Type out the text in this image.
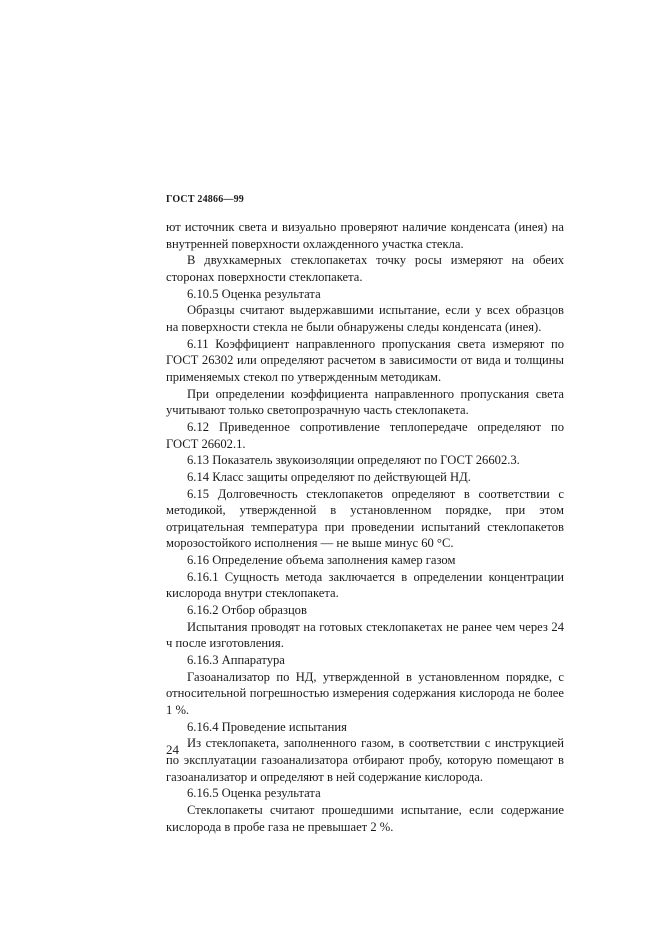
ГОСТ 24866—99

ют источник света и визуально проверяют наличие конденсата (инея) на внутренней поверхности охлажденного участка стекла.

В двухкамерных стеклопакетах точку росы измеряют на обеих сторонах поверхности стеклопакета.

6.10.5 Оценка результата

Образцы считают выдержавшими испытание, если у всех образцов на поверхности стекла не были обнаружены следы конденсата (инея).

6.11 Коэффициент направленного пропускания света измеряют по ГОСТ 26302 или определяют расчетом в зависимости от вида и толщины применяемых стекол по утвержденным методикам.

При определении коэффициента направленного пропускания света учитывают только светопрозрачную часть стеклопакета.

6.12 Приведенное сопротивление теплопередаче определяют по ГОСТ 26602.1.

6.13 Показатель звукоизоляции определяют по ГОСТ 26602.3.

6.14 Класс защиты определяют по действующей НД.

6.15 Долговечность стеклопакетов определяют в соответствии с методикой, утвержденной в установленном порядке, при этом отрицательная температура при проведении испытаний стеклопакетов морозостойкого исполнения — не выше минус 60 °С.

6.16 Определение объема заполнения камер газом

6.16.1 Сущность метода заключается в определении концентрации кислорода внутри стеклопакета.

6.16.2 Отбор образцов

Испытания проводят на готовых стеклопакетах не ранее чем через 24 ч после изготовления.

6.16.3 Аппаратура

Газоанализатор по НД, утвержденной в установленном порядке, с относительной погрешностью измерения содержания кислорода не более 1 %.

6.16.4 Проведение испытания

Из стеклопакета, заполненного газом, в соответствии с инструкцией по эксплуатации газоанализатора отбирают пробу, которую помещают в газоанализатор и определяют в ней содержание кислорода.

6.16.5 Оценка результата

Стеклопакеты считают прошедшими испытание, если содержание кислорода в пробе газа не превышает 2 %.

24
